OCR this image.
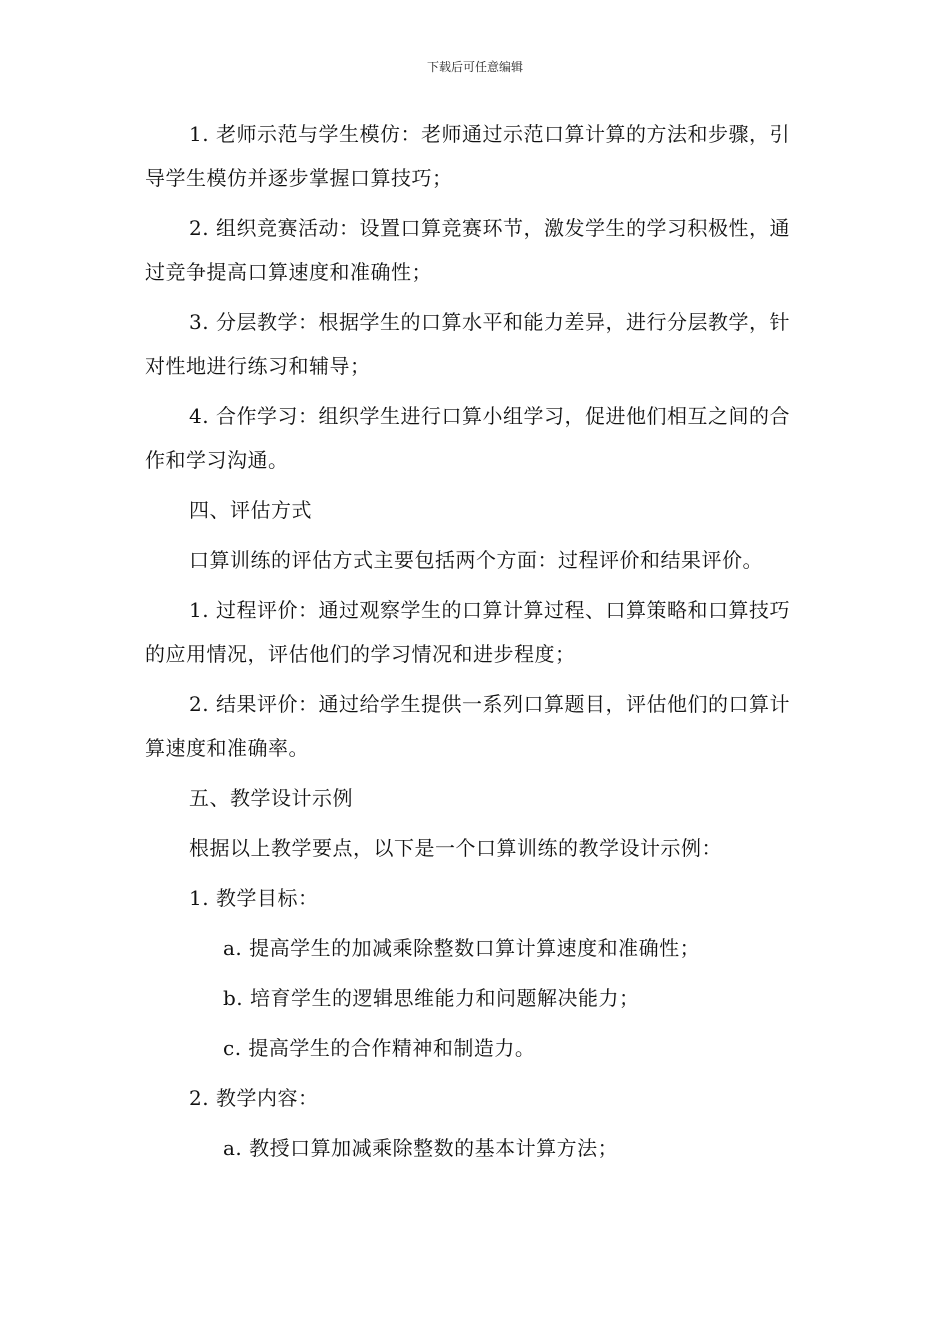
下载后可任意编辑

1. 老师示范与学生模仿：老师通过示范口算计算的方法和步骤，引导学生模仿并逐步掌握口算技巧；

2. 组织竞赛活动：设置口算竞赛环节，激发学生的学习积极性，通过竞争提高口算速度和准确性；

3. 分层教学：根据学生的口算水平和能力差异，进行分层教学，针对性地进行练习和辅导；

4. 合作学习：组织学生进行口算小组学习，促进他们相互之间的合作和学习沟通。

四、评估方式

口算训练的评估方式主要包括两个方面：过程评价和结果评价。

1. 过程评价：通过观察学生的口算计算过程、口算策略和口算技巧的应用情况，评估他们的学习情况和进步程度；

2. 结果评价：通过给学生提供一系列口算题目，评估他们的口算计算速度和准确率。

五、教学设计示例

根据以上教学要点，以下是一个口算训练的教学设计示例：

1. 教学目标：

a. 提高学生的加减乘除整数口算计算速度和准确性；

b. 培育学生的逻辑思维能力和问题解决能力；

c. 提高学生的合作精神和制造力。

2. 教学内容：

a. 教授口算加减乘除整数的基本计算方法；
